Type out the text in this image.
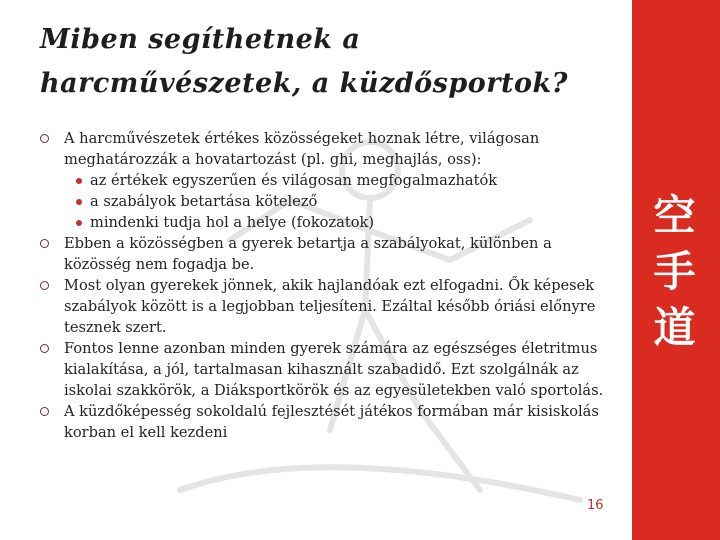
Miben segíthetnek a harcművészetek, a küzdősportok?

A harcművészetek értékes közösségeket hoznak létre, világosan meghatározzák a hovatartozást (pl. ghi, meghajlás, oss):

az értékek egyszerűen és világosan megfogalmazhatók
a szabályok betartása kötelező
mindenki tudja hol a helye (fokozatok)

Ebben a közösségben a gyerek betartja a szabályokat, különben a közösség nem fogadja be.

Most olyan gyerekek jönnek, akik hajlandóak ezt elfogadni. Ők képesek szabályok között is a legjobban teljesíteni. Ezáltal később óriási előnyre tesznek szert.

Fontos lenne azonban minden gyerek számára az egészséges életritmus kialakítása, a jól, tartalmasan kihasznált szabadidő. Ezt szolgálnák az iskolai szakkörök, a Diáksportkörök és az egyesületekben való sportolás.

A küzdőképesség sokoldalú fejlesztését játékos formában már kisiskolás korban el kell kezdeni

空
手
道
16
